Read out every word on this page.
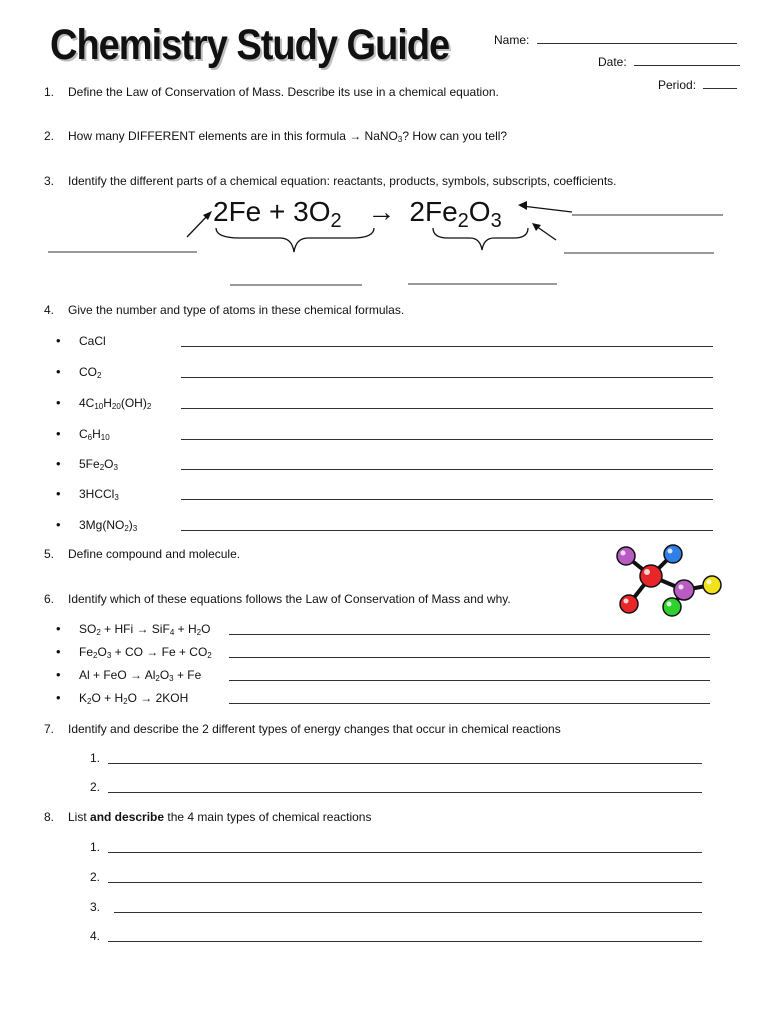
Chemistry Study Guide	Name:
Date:
Period:
1. Define the Law of Conservation of Mass. Describe its use in a chemical equation.
2. How many DIFFERENT elements are in this formula → NaNO$_3$? How can you tell?
3. Identify the different parts of a chemical equation: reactants, products, symbols, subscripts, coefficients.
$2Fe + 3O_2 \to 2Fe_2O_3$
4. Give the number and type of atoms in these chemical formulas.
• CaCl
• $CO_2$
• $4C_{10}H_{20}(OH)_2$
• $C_6H_{10}$
• $5Fe_2O_3$
• 3HCCl$_3$
• $3Mg(NO_2)_3$
5. Define compound and molecule.
6. Identify which of these equations follows the Law of Conservation of Mass and why.
• $SO_2$ + HFi → $SiF_4 + H_2O$
• $Fe_2O_3$ + CO → $Fe + CO_2$
• Al + FeO → $Al_2O_3 + Fe$
• $K_2O + H_2O \to 2KOH$
7. Identify and describe the 2 different types of energy changes that occur in chemical reactions
1.
2.
8. List and describe the 4 main types of chemical reactions
1.
2.
3.
4.
